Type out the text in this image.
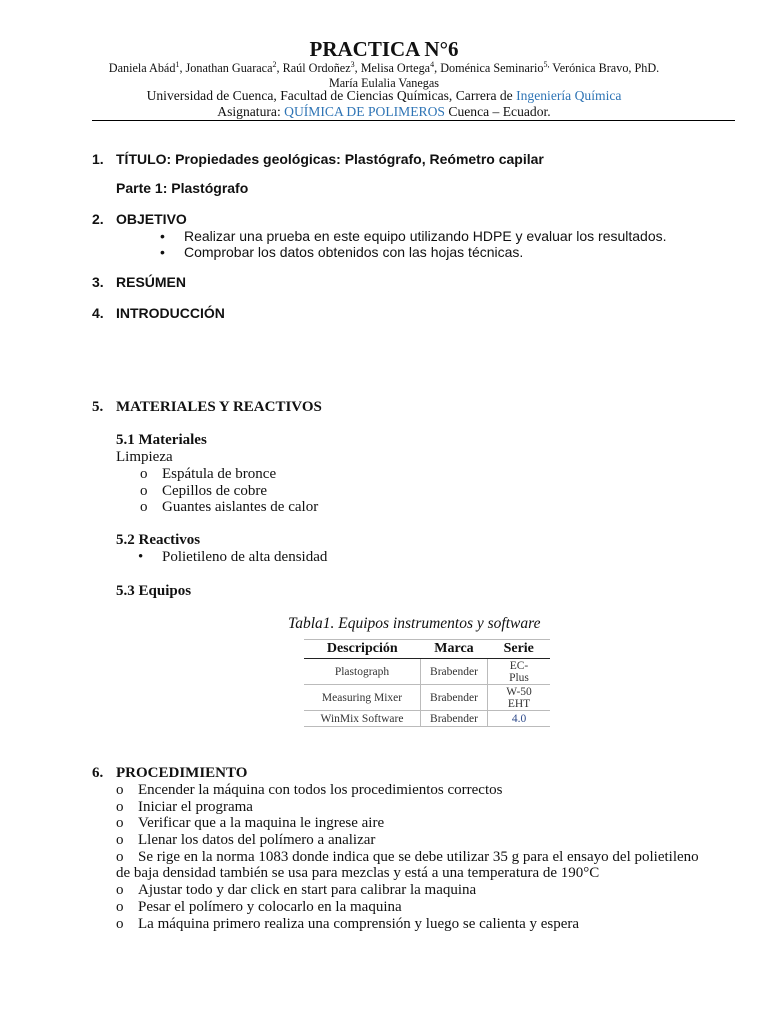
PRACTICA N°6
Daniela Abád$^1$, Jonathan Guaraca$^2$, Raúl Ordoñez$^3$, Melisa Ortega$^4$, Doménica Seminario$^{5,}$ Verónica Bravo, PhD.
María Eulalia Vanegas
Universidad de Cuenca, Facultad de Ciencias Químicas, Carrera de Ingeniería Química
Asignatura: QUÍMICA DE POLIMEROS Cuenca – Ecuador.
1. TÍTULO: Propiedades geológicas: Plastógrafo, Reómetro capilar
Parte 1: Plastógrafo
2. OBJETIVO
• Realizar una prueba en este equipo utilizando HDPE y evaluar los resultados.
• Comprobar los datos obtenidos con las hojas técnicas.
3. RESÚMEN
4. INTRODUCCIÓN
5. MATERIALES Y REACTIVOS
5.1 Materiales
Limpieza
o Espátula de bronce
o Cepillos de cobre
o Guantes aislantes de calor
5.2 Reactivos
• Polietileno de alta densidad
5.3 Equipos
Tabla1. Equipos instrumentos y software
Descripción	Marca	Serie
Plastograph	Brabender	EC-
Plus
Measuring Mixer	Brabender	W-50
EHT
WinMix Software	Brabender	4.0
6. PROCEDIMIENTO
o Encender la máquina con todos los procedimientos correctos
o Iniciar el programa
o Verificar que a la maquina le ingrese aire
o Llenar los datos del polímero a analizar
o Se rige en la norma 1083 donde indica que se debe utilizar 35 g para el ensayo del polietileno
de baja densidad también se usa para mezclas y está a una temperatura de 190°C
o Ajustar todo y dar click en start para calibrar la maquina
o Pesar el polímero y colocarlo en la maquina
o La máquina primero realiza una comprensión y luego se calienta y espera
